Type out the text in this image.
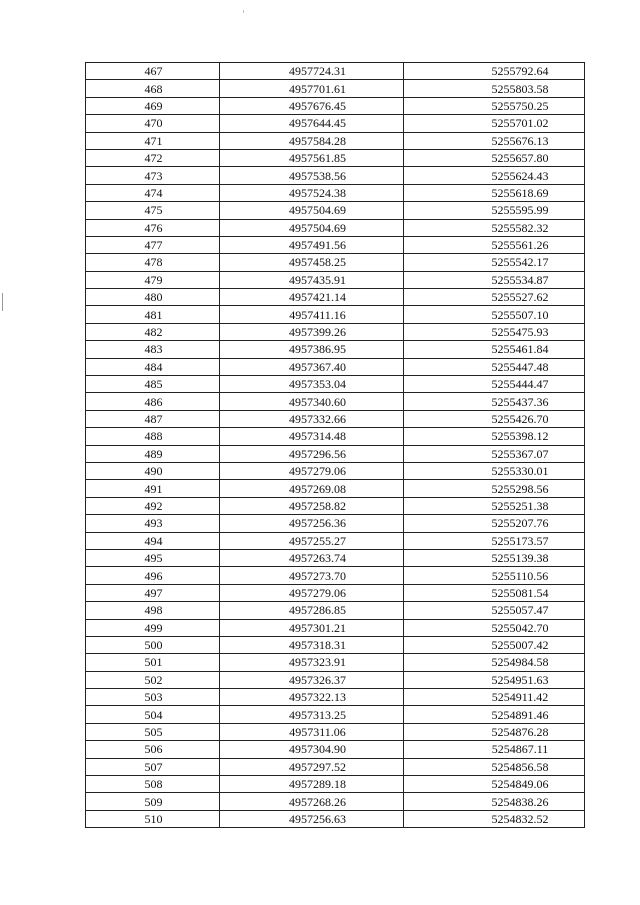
467	4957724.31	5255792.64
468	4957701.61	5255803.58
469	4957676.45	5255750.25
470	4957644.45	5255701.02
471	4957584.28	5255676.13
472	4957561.85	5255657.80
473	4957538.56	5255624.43
474	4957524.38	5255618.69
475	4957504.69	5255595.99
476	4957504.69	5255582.32
477	4957491.56	5255561.26
478	4957458.25	5255542.17
479	4957435.91	5255534.87
480	4957421.14	5255527.62
481	4957411.16	5255507.10
482	4957399.26	5255475.93
483	4957386.95	5255461.84
484	4957367.40	5255447.48
485	4957353.04	5255444.47
486	4957340.60	5255437.36
487	4957332.66	5255426.70
488	4957314.48	5255398.12
489	4957296.56	5255367.07
490	4957279.06	5255330.01
491	4957269.08	5255298.56
492	4957258.82	5255251.38
493	4957256.36	5255207.76
494	4957255.27	5255173.57
495	4957263.74	5255139.38
496	4957273.70	5255110.56
497	4957279.06	5255081.54
498	4957286.85	5255057.47
499	4957301.21	5255042.70
500	4957318.31	5255007.42
501	4957323.91	5254984.58
502	4957326.37	5254951.63
503	4957322.13	5254911.42
504	4957313.25	5254891.46
505	4957311.06	5254876.28
506	4957304.90	5254867.11
507	4957297.52	5254856.58
508	4957289.18	5254849.06
509	4957268.26	5254838.26
510	4957256.63	5254832.52
